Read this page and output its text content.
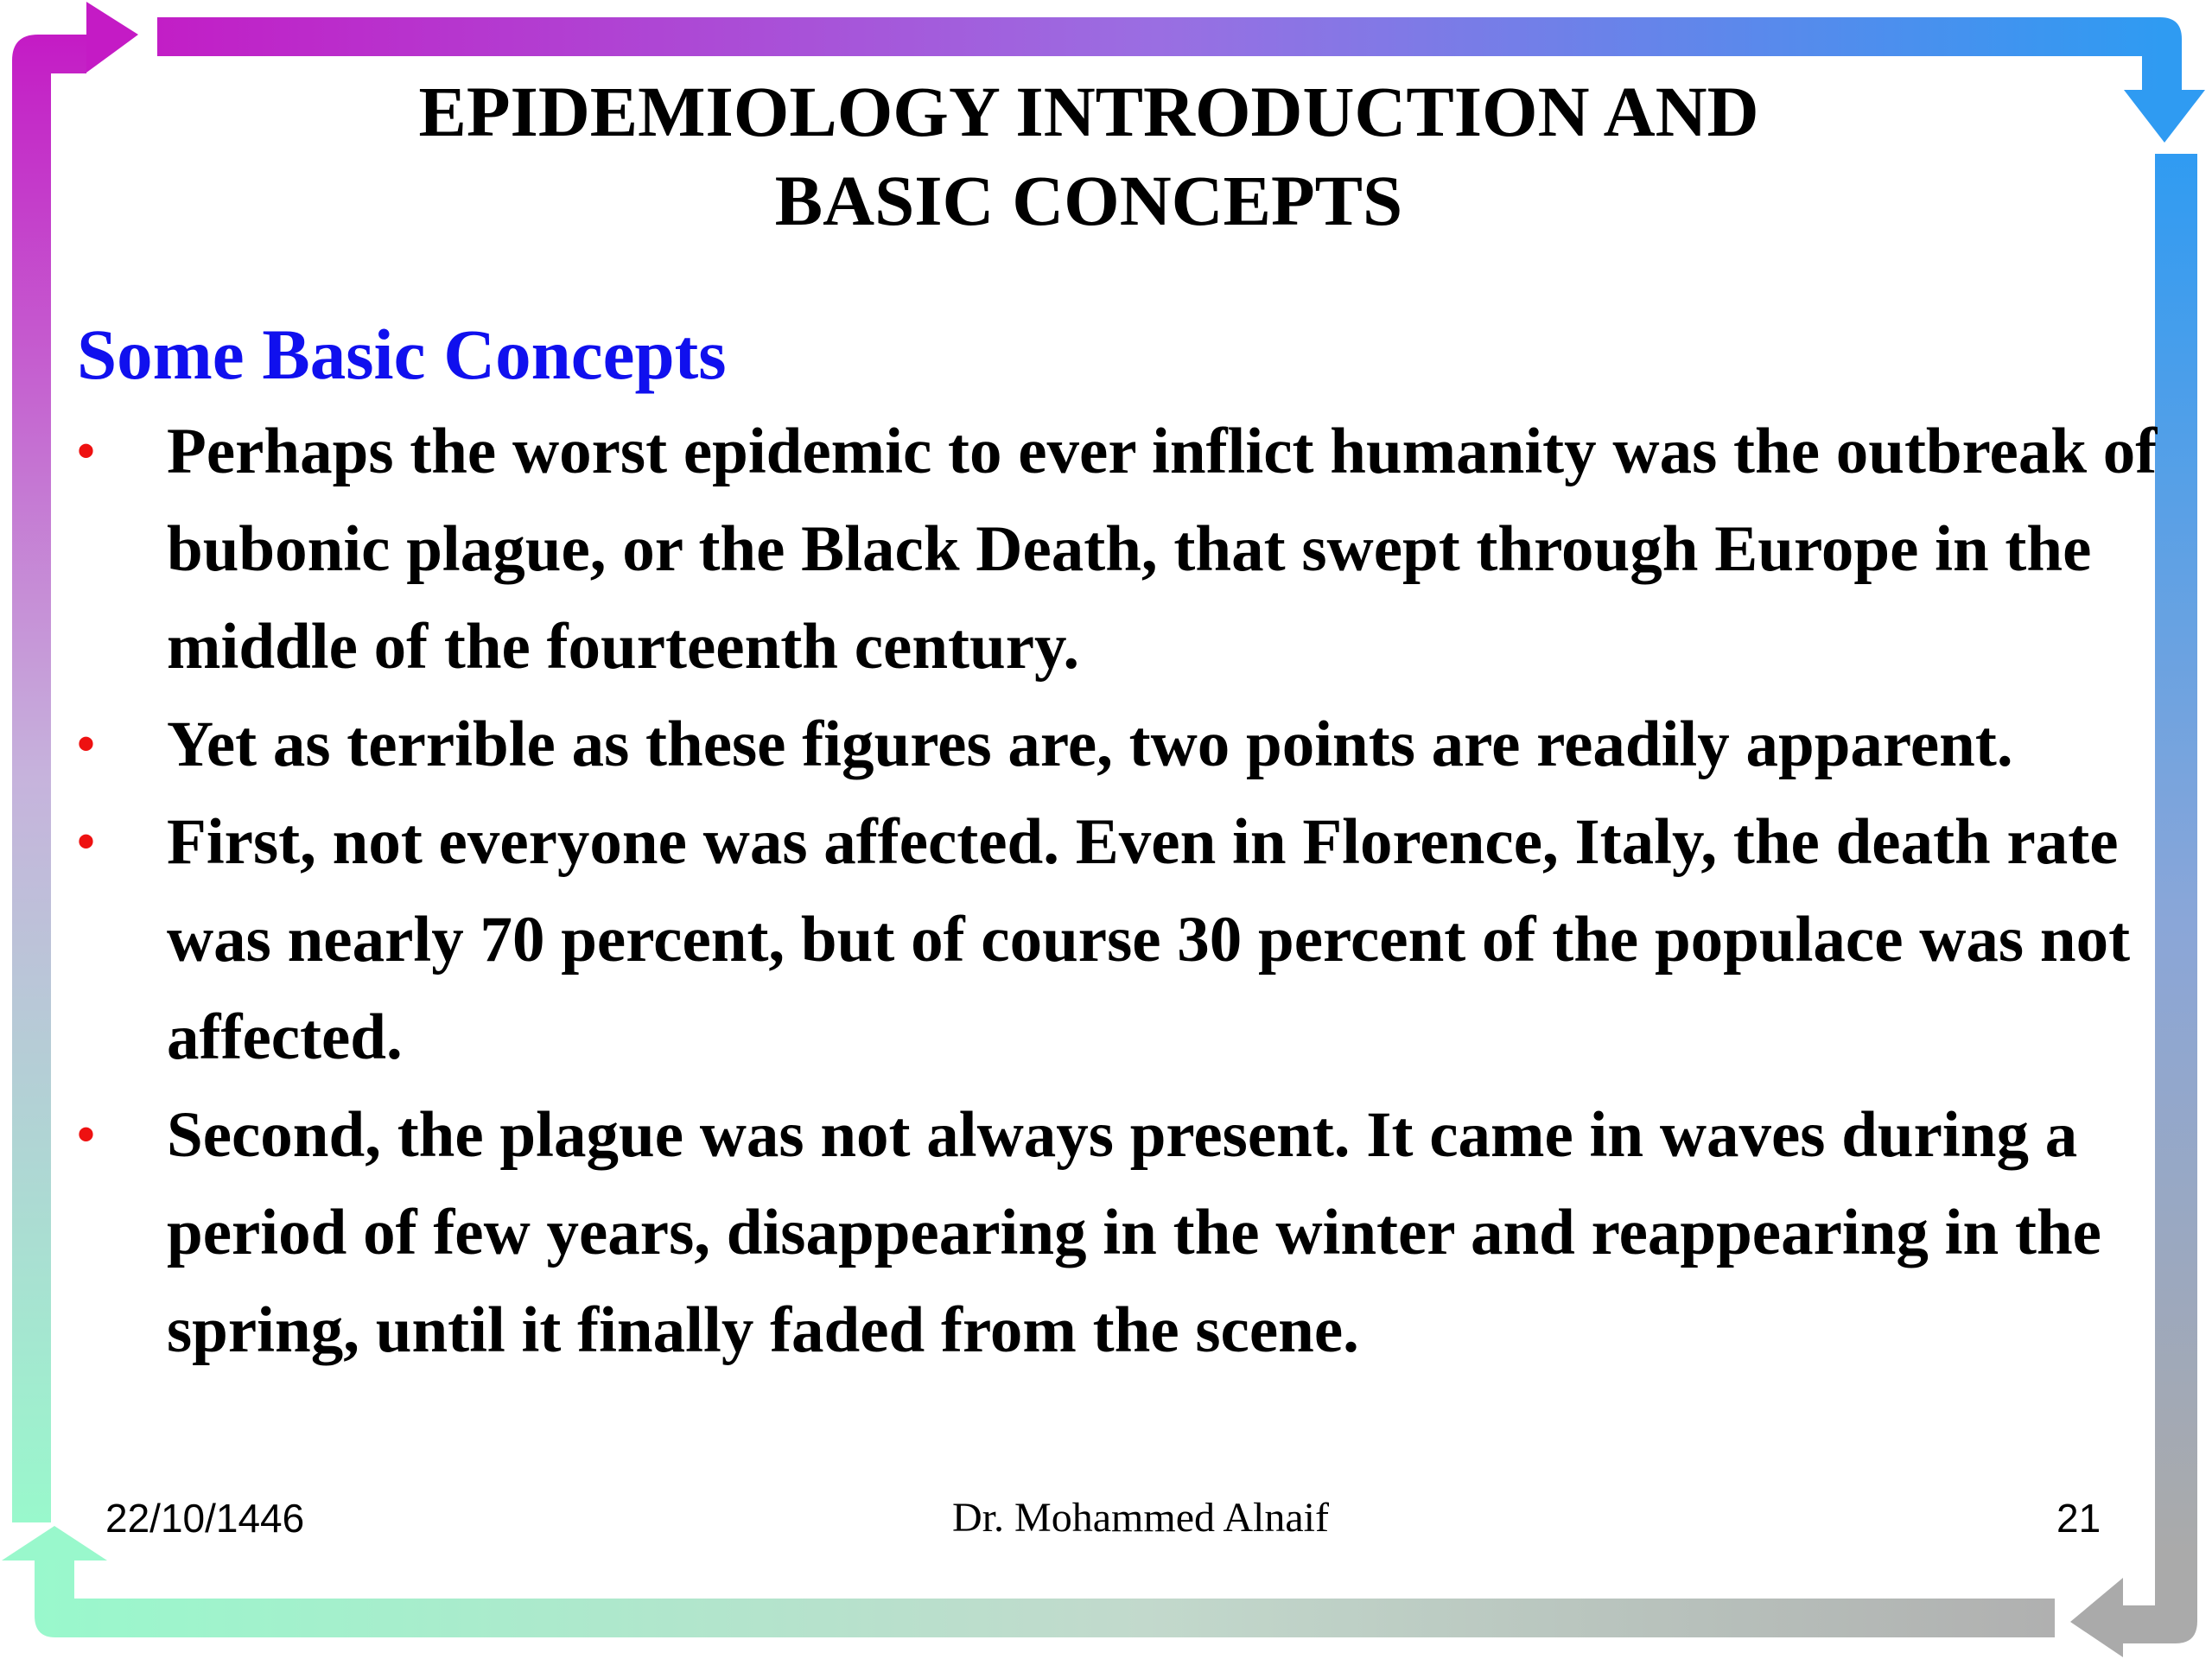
EPIDEMIOLOGY INTRODUCTION AND
BASIC CONCEPTS
Some Basic Concepts
• Perhaps the worst epidemic to ever inflict humanity was the outbreak of bubonic plague, or the Black Death, that swept through Europe in the middle of the fourteenth century.
• Yet as terrible as these figures are, two points are readily apparent.
• First, not everyone was affected. Even in Florence, Italy, the death rate was nearly 70 percent, but of course 30 percent of the populace was not affected.
• Second, the plague was not always present. It came in waves during a period of few years, disappearing in the winter and reappearing in the spring, until it finally faded from the scene.
22/10/1446	Dr. Mohammed Alnaif	21
